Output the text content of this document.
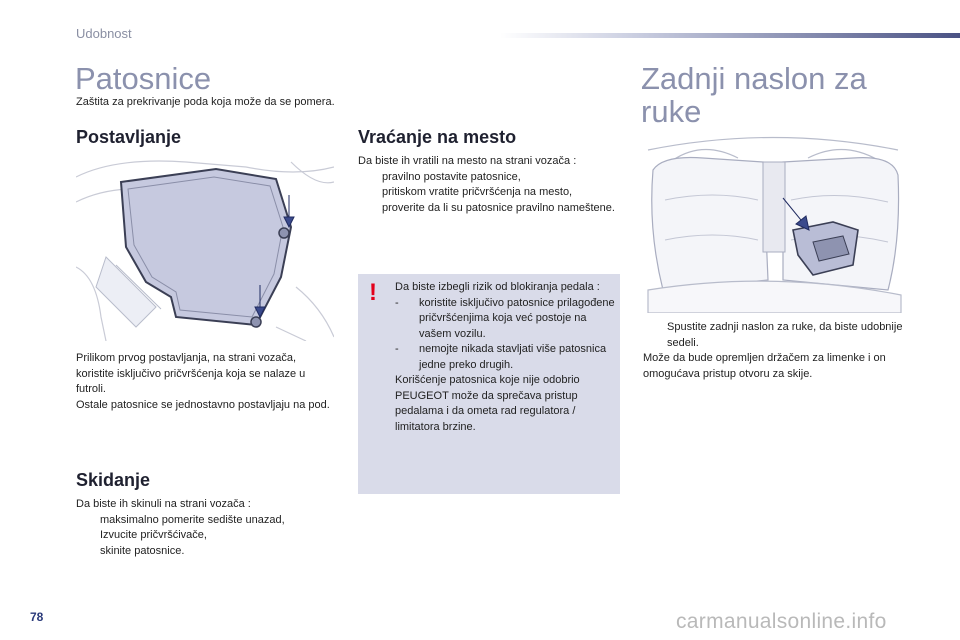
Udobnost
Patosnice
Zaštita za prekrivanje poda koja može da se pomera.
Postavljanje
Prilikom prvog postavljanja, na strani vozača, koristite isključivo pričvršćenja koja se nalaze u futroli.
Ostale patosnice se jednostavno postavljaju na pod.
Skidanje
Da biste ih skinuli na strani vozača :
maksimalno pomerite sedište unazad,
Izvucite pričvršćivače,
skinite patosnice.
Vraćanje na mesto
Da biste ih vratili na mesto na strani vozača :
pravilno postavite patosnice,
pritiskom vratite pričvršćenja na mesto,
proverite da li su patosnice pravilno nameštene.
! Da biste izbegli rizik od blokiranja pedala :
- koristite isključivo patosnice prilagođene pričvršćenjima koja već postoje na vašem vozilu.
- nemojte nikada stavljati više patosnica jedne preko drugih.
Korišćenje patosnica koje nije odobrio PEUGEOT može da sprečava pristup pedalama i da ometa rad regulatora / limitatora brzine.
Zadnji naslon za ruke
Spustite zadnji naslon za ruke, da biste udobnije sedeli.
Može da bude opremljen držačem za limenke i on omogućava pristup otvoru za skije.
78	carmanualsonline.info
